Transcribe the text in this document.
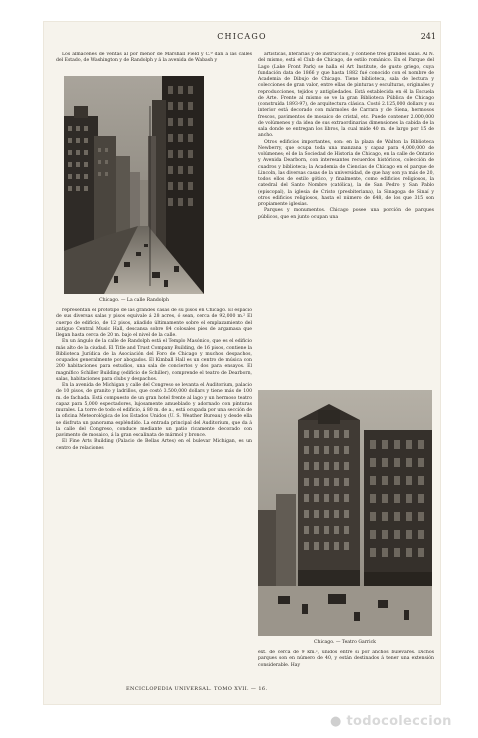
CHICAGO	241

Los almacenes de ventas al por menor de Marshall Field y C.ª dan á las calles del Estado, de Washington y de Randolph y á la avenida de Wabash y

Chicago. — La calle Randolph

representan el prototipo de las grandes casas de su pisos en Chicago. El espacio de sus diversas salas y pisos equivale á 28 acres, ó sean, cerca de 92,000 m.² El cuerpo de edificio, de 12 pisos, añadido últimamente sobre el emplazamiento del antiguo Central Music Hall, descansa sobre 84 colosales pies de argamasa que llegan hasta cerca de 20 m. bajo el nivel de la calle.

En un ángulo de la calle de Randolph está el Templo Masónico, que es el edificio más alto de la ciudad. El Title and Trust Company Building, de 16 pisos, contiene la Biblioteca Jurídica de la Asociación del Foro de Chicago y muchos despachos, ocupados generalmente por abogados. El Kimball Hall es un centro de música con 200 habitaciones para estudios, una sala de conciertos y dos para ensayos. El magnífico Schiller Building (edificio de Schiller), comprende el teatro de Dearborn, salas, habitaciones para clubs y despachos.

En la avenida de Michigan y calle del Congreso se levanta el Auditorium, palacio de 10 pisos, de granito y ladrillos, que costó 3.500,000 dollars y tiene más de 100 m. de fachada. Está compuesto de un gran hotel frente al lago y un hermoso teatro capaz para 5,000 espectadores, lujosamente amueblado y adornado con pinturas murales. La torre de todo el edificio, á 80 m. de a., está ocupada por una sección de la oficina Meteorológica de los Estados Unidos (U. S. Weather Bureau) y desde ella se disfruta un panorama espléndido. La entrada principal del Auditorium, que da á la calle del Congreso, conduce mediante un patio ricamente decorado con pavimento de mosaico, á la gran escalinata de mármol y bronce.

El Fine Arts Building (Palacio de Bellas Artes) en el bulevar Michigan, es un centro de relaciones

artísticas, literarias y de instrucción, y contiene tres grandes salas. Al N. del mismo, está el Club de Chicago, de estilo románico. En el Parque del Lago (Lake Front Park) se halla el Art Institute, de gusto griego, cuya fundación data de 1866 y que hasta 1882 fué conocido con el nombre de Academia de Dibujo de Chicago. Tiene biblioteca, sala de lectura y colecciones de gran valor, entre ellas de pinturas y esculturas, originales y reproducciones, tejidos y antigüedades. Está establecida en él la Escuela de Arte. Frente al mismo se ve la gran Biblioteca Pública de Chicago (construída 1893-97), de arquitectura clásica. Costó 2.125,000 dollars y su interior está decorado con mármoles de Carrara y de Siena, hermosos frescos, pavimentos de mosaico de cristal, etc. Puede contener 2.000,000 de volúmenes y da idea de sus extraordinarias dimensiones la cabida de la sala donde se entregan los libros, la cual mide 40 m. de largo por 15 de ancho.

Otros edificios importantes, son: en la plaza de Walton la Biblioteca Newberry, que ocupa toda una manzana y capaz para 4,000,000 de volúmenes; el de la Sociedad de Historia de Chicago, en la calle de Ontario y Avenida Dearborn, con interesantes recuerdos históricos, colección de cuadros y biblioteca; la Academia de Ciencias de Chicago en el parque de Lincoln, las diversas casas de la universidad, de que hay son ya más de 20, todos ellos de estilo gótico, y finalmente, como edificios religiosos, la catedral del Santo Nombre (católica), la de San Pedro y San Pablo (episcopal), la iglesia de Cristo (presbiteriana), la Sinagoga de Sinaí y otros edificios religiosos, hasta el número de 648, de los que 315 son propiamente iglesias.

Parques y monumentos. Chicago posee una porción de parques públicos, que en junto ocupan una

Chicago. — Teatro Garrick

ext. de cerca de 9 km.², unidos entre sí por anchos bulevares. Dichos parques son en número de 40, y están destinados á tener una extensión considerable. Hay

ENCICLOPEDIA UNIVERSAL. TOMO XVII. — 16.
● todocoleccion
